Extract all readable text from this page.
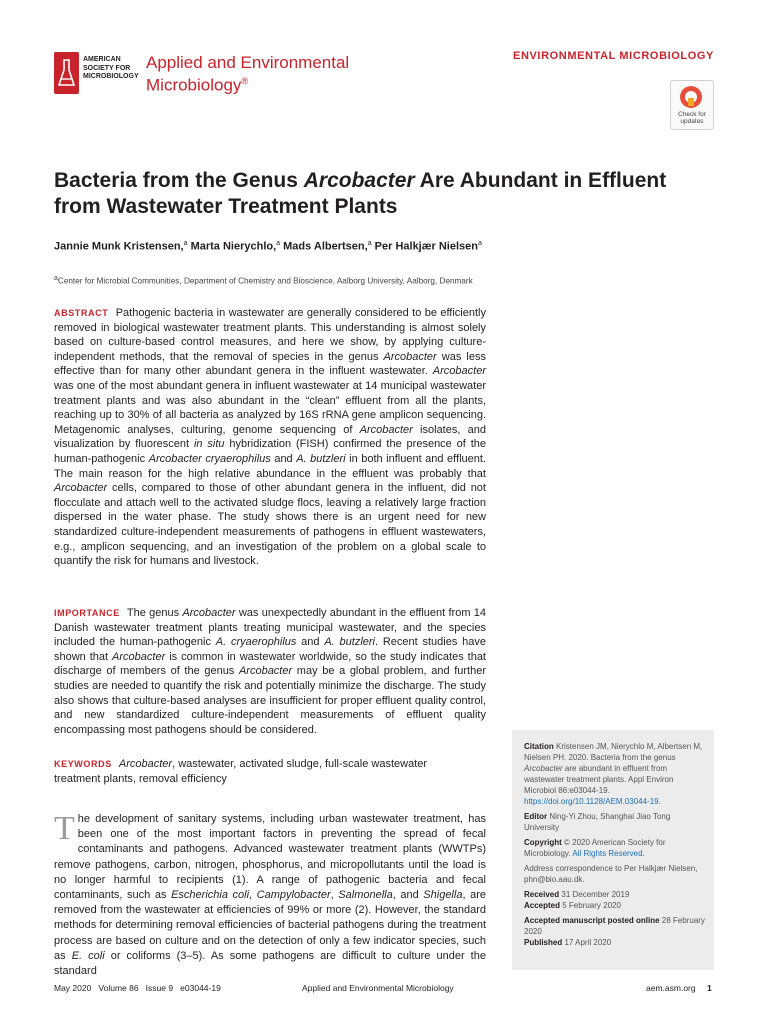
AMERICAN
SOCIETY FOR
MICROBIOLOGY
Applied and Environmental
Microbiology®
ENVIRONMENTAL MICROBIOLOGY
Check for updates
Bacteria from the Genus Arcobacter Are Abundant in Effluent from Wastewater Treatment Plants
Jannie Munk Kristensen,$^a$ Marta Nierychlo,$^a$ Mads Albertsen,$^a$ Per Halkjær Nielsen$^a$
$^a$Center for Microbial Communities, Department of Chemistry and Bioscience, Aalborg University, Aalborg, Denmark
ABSTRACT Pathogenic bacteria in wastewater are generally considered to be efficiently removed in biological wastewater treatment plants. This understanding is almost solely based on culture-based control measures, and here we show, by applying culture-independent methods, that the removal of species in the genus Arcobacter was less effective than for many other abundant genera in the influent wastewater. Arcobacter was one of the most abundant genera in influent wastewater at 14 municipal wastewater treatment plants and was also abundant in the “clean” effluent from all the plants, reaching up to 30% of all bacteria as analyzed by 16S rRNA gene amplicon sequencing. Metagenomic analyses, culturing, genome sequencing of Arcobacter isolates, and visualization by fluorescent in situ hybridization (FISH) confirmed the presence of the human-pathogenic Arcobacter cryaerophilus and A. butzleri in both influent and effluent. The main reason for the high relative abundance in the effluent was probably that Arcobacter cells, compared to those of other abundant genera in the influent, did not flocculate and attach well to the activated sludge flocs, leaving a relatively large fraction dispersed in the water phase. The study shows there is an urgent need for new standardized culture-independent measurements of pathogens in effluent wastewaters, e.g., amplicon sequencing, and an investigation of the problem on a global scale to quantify the risk for humans and livestock.
IMPORTANCE The genus Arcobacter was unexpectedly abundant in the effluent from 14 Danish wastewater treatment plants treating municipal wastewater, and the species included the human-pathogenic A. cryaerophilus and A. butzleri. Recent studies have shown that Arcobacter is common in wastewater worldwide, so the study indicates that discharge of members of the genus Arcobacter may be a global problem, and further studies are needed to quantify the risk and potentially minimize the discharge. The study also shows that culture-based analyses are insufficient for proper effluent quality control, and new standardized culture-independent measurements of effluent quality encompassing most pathogens should be considered.
KEYWORDS Arcobacter, wastewater, activated sludge, full-scale wastewater treatment plants, removal efficiency
The development of sanitary systems, including urban wastewater treatment, has been one of the most important factors in preventing the spread of fecal contaminants and pathogens. Advanced wastewater treatment plants (WWTPs) remove pathogens, carbon, nitrogen, phosphorus, and micropollutants until the load is no longer harmful to recipients (1). A range of pathogenic bacteria and fecal contaminants, such as Escherichia coli, Campylobacter, Salmonella, and Shigella, are removed from the wastewater at efficiencies of 99% or more (2). However, the standard methods for determining removal efficiencies of bacterial pathogens during the treatment process are based on culture and on the detection of only a few indicator species, such as E. coli or coliforms (3–5). As some pathogens are difficult to culture under the standard

Citation Kristensen JM, Nierychlo M, Albertsen M, Nielsen PH. 2020. Bacteria from the genus Arcobacter are abundant in effluent from wastewater treatment plants. Appl Environ Microbiol 86:e03044-19. https://doi.org/10.1128/AEM.03044-19.

Editor Ning-Yi Zhou, Shanghai Jiao Tong University

Copyright © 2020 American Society for Microbiology. All Rights Reserved.

Address correspondence to Per Halkjær Nielsen, phn@bio.aau.dk.

Received 31 December 2019

Accepted 5 February 2020

Accepted manuscript posted online 28 February 2020

Published 17 April 2020

May 2020   Volume 86   Issue 9   e03044-19	Applied and Environmental Microbiology	aem.asm.org 1
